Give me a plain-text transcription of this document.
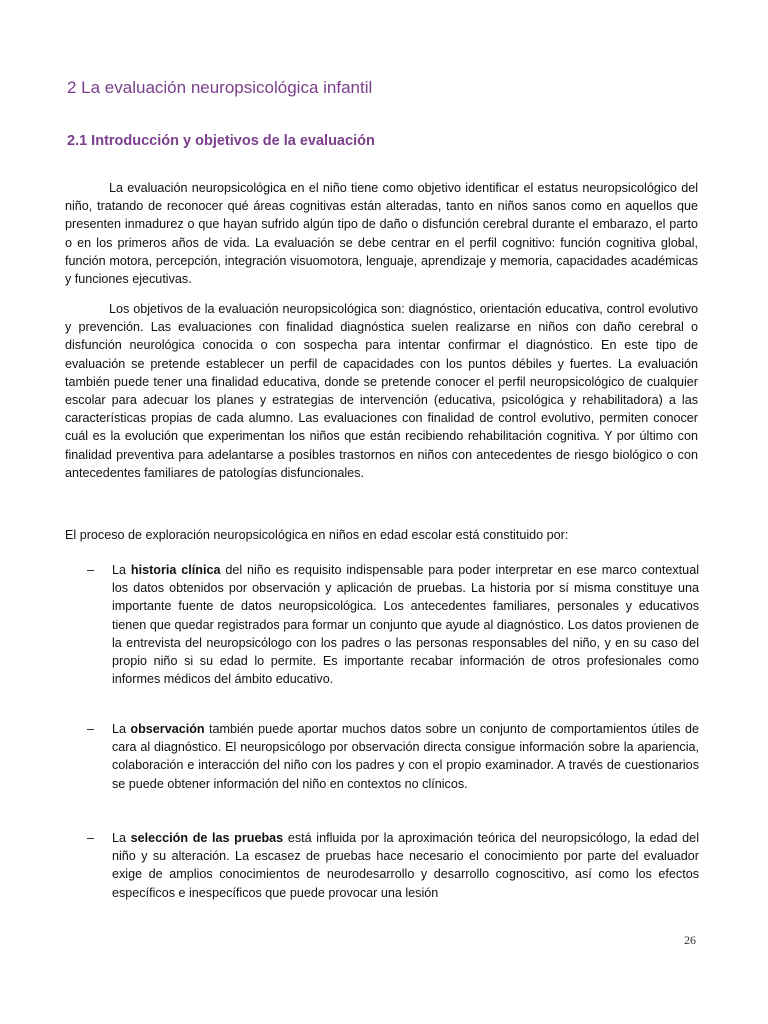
2 La evaluación neuropsicológica infantil
2.1 Introducción y objetivos de la evaluación

La evaluación neuropsicológica en el niño tiene como objetivo identificar el estatus neuropsicológico del niño, tratando de reconocer qué áreas cognitivas están alteradas, tanto en niños sanos como en aquellos que presenten inmadurez o que hayan sufrido algún tipo de daño o disfunción cerebral durante el embarazo, el parto o en los primeros años de vida. La evaluación se debe centrar en el perfil cognitivo: función cognitiva global, función motora, percepción, integración visuomotora, lenguaje, aprendizaje y memoria, capacidades académicas y funciones ejecutivas.

Los objetivos de la evaluación neuropsicológica son: diagnóstico, orientación educativa, control evolutivo y prevención. Las evaluaciones con finalidad diagnóstica suelen realizarse en niños con daño cerebral o disfunción neurológica conocida o con sospecha para intentar confirmar el diagnóstico. En este tipo de evaluación se pretende establecer un perfil de capacidades con los puntos débiles y fuertes. La evaluación también puede tener una finalidad educativa, donde se pretende conocer el perfil neuropsicológico de cualquier escolar para adecuar los planes y estrategias de intervención (educativa, psicológica y rehabilitadora) a las características propias de cada alumno. Las evaluaciones con finalidad de control evolutivo, permiten conocer cuál es la evolución que experimentan los niños que están recibiendo rehabilitación cognitiva. Y por último con finalidad preventiva para adelantarse a posibles trastornos en niños con antecedentes de riesgo biológico o con antecedentes familiares de patologías disfuncionales.

El proceso de exploración neuropsicológica en niños en edad escolar está constituido por:

– La historia clínica del niño es requisito indispensable para poder interpretar en ese marco contextual los datos obtenidos por observación y aplicación de pruebas. La historia por sí misma constituye una importante fuente de datos neuropsicológica. Los antecedentes familiares, personales y educativos tienen que quedar registrados para formar un conjunto que ayude al diagnóstico. Los datos provienen de la entrevista del neuropsicólogo con los padres o las personas responsables del niño, y en su caso del propio niño si su edad lo permite. Es importante recabar información de otros profesionales como informes médicos del ámbito educativo.
– La observación también puede aportar muchos datos sobre un conjunto de comportamientos útiles de cara al diagnóstico. El neuropsicólogo por observación directa consigue información sobre la apariencia, colaboración e interacción del niño con los padres y con el propio examinador. A través de cuestionarios se puede obtener información del niño en contextos no clínicos.
– La selección de las pruebas está influida por la aproximación teórica del neuropsicólogo, la edad del niño y su alteración. La escasez de pruebas hace necesario el conocimiento por parte del evaluador exige de amplios conocimientos de neurodesarrollo y desarrollo cognoscitivo, así como los efectos específicos e inespecíficos que puede provocar una lesión
26
